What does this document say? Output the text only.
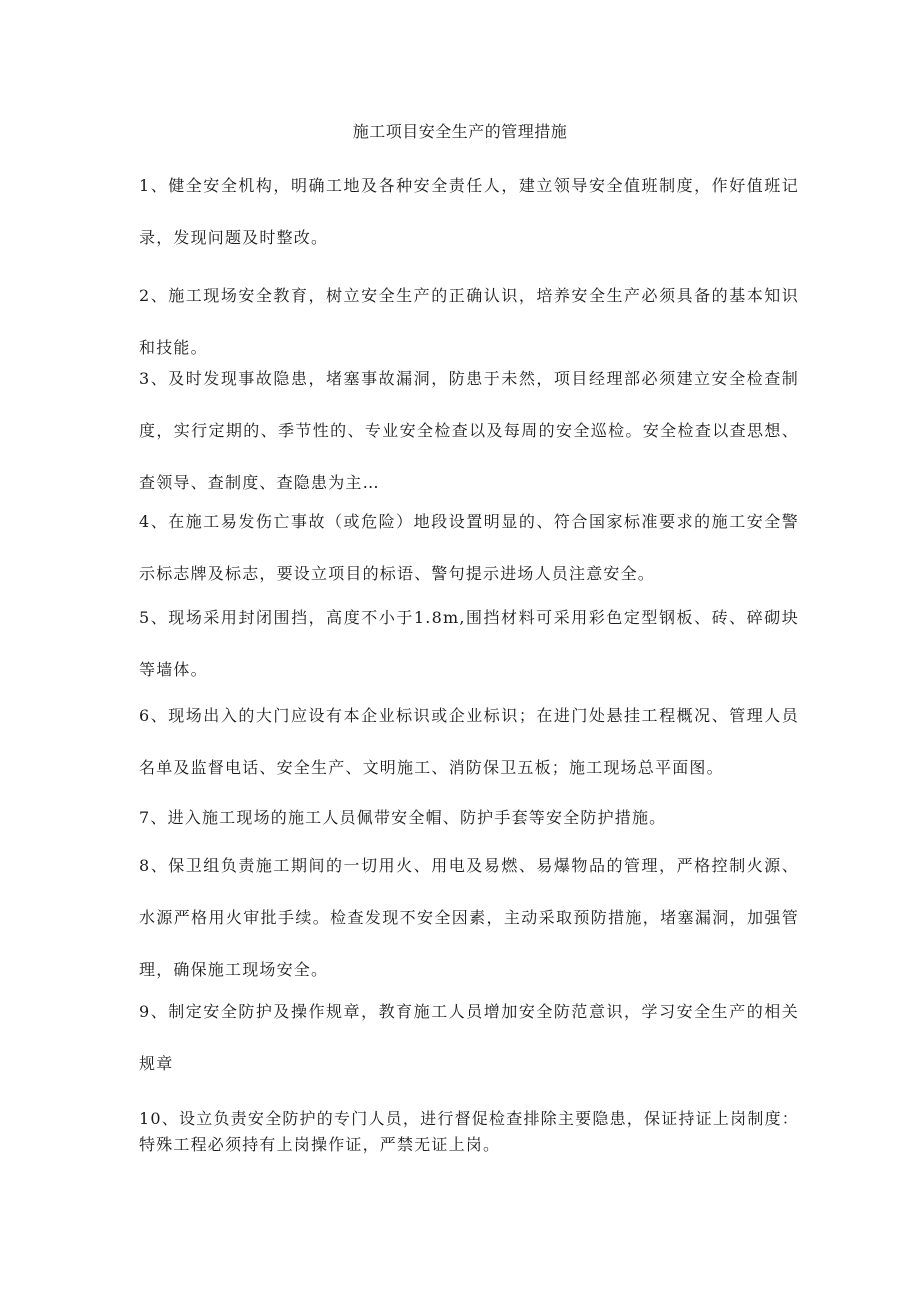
施工项目安全生产的管理措施

1、健全安全机构，明确工地及各种安全责任人，建立领导安全值班制度，作好值班记录，发现问题及时整改。

2、施工现场安全教育，树立安全生产的正确认识，培养安全生产必须具备的基本知识和技能。

3、及时发现事故隐患，堵塞事故漏洞，防患于未然，项目经理部必须建立安全检查制度，实行定期的、季节性的、专业安全检查以及每周的安全巡检。安全检查以查思想、查领导、查制度、查隐患为主…

4、在施工易发伤亡事故（或危险）地段设置明显的、符合国家标准要求的施工安全警示标志牌及标志，要设立项目的标语、警句提示进场人员注意安全。

5、现场采用封闭围挡，高度不小于1.8m,围挡材料可采用彩色定型钢板、砖、碎砌块等墙体。

6、现场出入的大门应设有本企业标识或企业标识；在进门处悬挂工程概况、管理人员名单及监督电话、安全生产、文明施工、消防保卫五板；施工现场总平面图。

7、进入施工现场的施工人员佩带安全帽、防护手套等安全防护措施。

8、保卫组负责施工期间的一切用火、用电及易燃、易爆物品的管理，严格控制火源、水源严格用火审批手续。检查发现不安全因素，主动采取预防措施，堵塞漏洞，加强管理，确保施工现场安全。

9、制定安全防护及操作规章，教育施工人员增加安全防范意识，学习安全生产的相关规章

10、设立负责安全防护的专门人员，进行督促检查排除主要隐患，保证持证上岗制度：特殊工程必须持有上岗操作证，严禁无证上岗。
